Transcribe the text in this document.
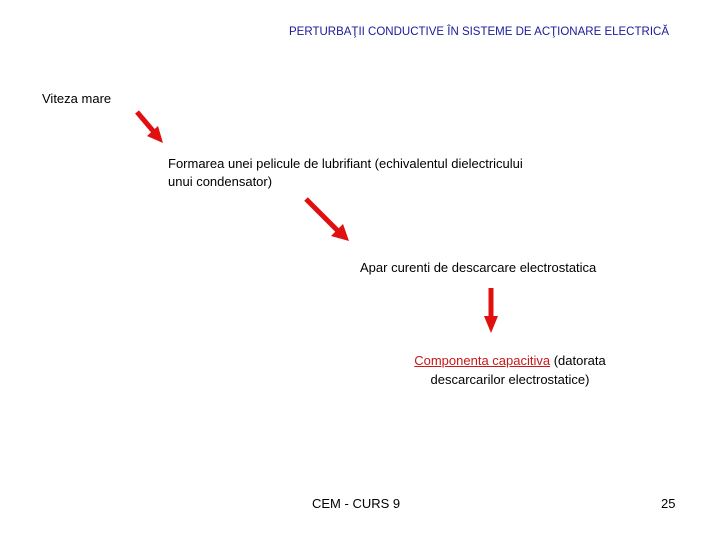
PERTURBAŢII CONDUCTIVE ÎN SISTEME DE ACŢIONARE ELECTRICĂ
Viteza mare
Formarea unei pelicule de lubrifiant (echivalentul dielectricului
unui condensator)
Apar curenti de descarcare electrostatica
Componenta capacitiva (datorata
descarcarilor electrostatice)
CEM - CURS 9	25
